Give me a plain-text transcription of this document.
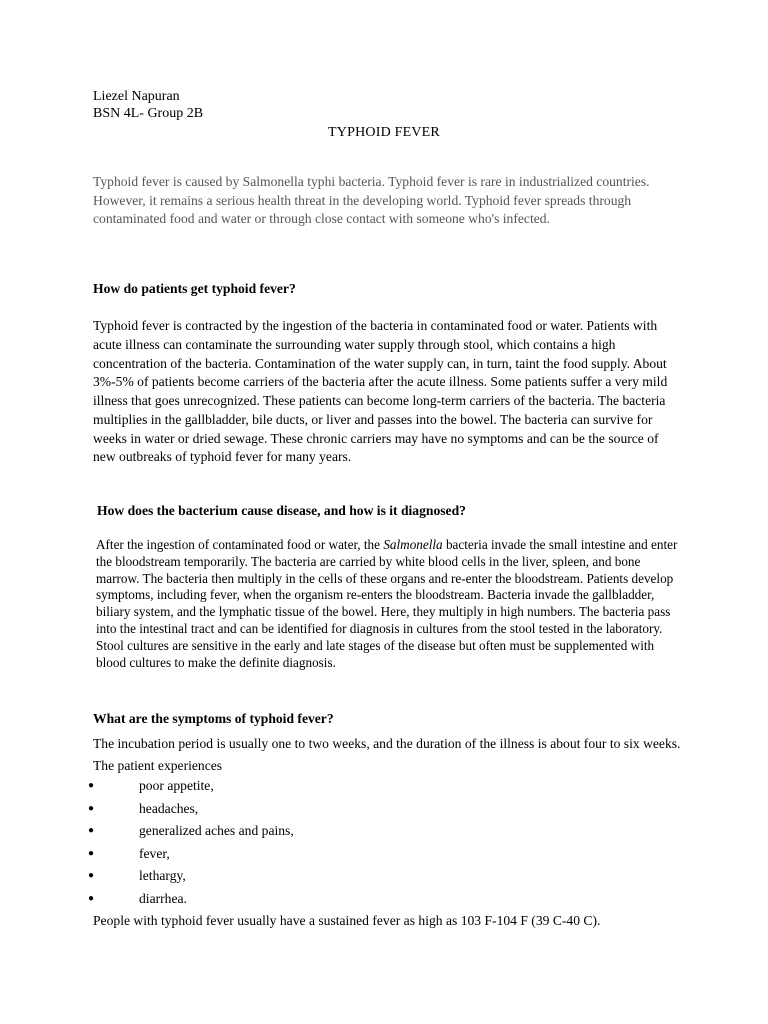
Liezel Napuran

BSN 4L- Group 2B

TYPHOID FEVER

Typhoid fever is caused by Salmonella typhi bacteria. Typhoid fever is rare in industrialized countries. However, it remains a serious health threat in the developing world. Typhoid fever spreads through contaminated food and water or through close contact with someone who's infected.

How do patients get typhoid fever?

Typhoid fever is contracted by the ingestion of the bacteria in contaminated food or water. Patients with acute illness can contaminate the surrounding water supply through stool, which contains a high concentration of the bacteria. Contamination of the water supply can, in turn, taint the food supply. About 3%-5% of patients become carriers of the bacteria after the acute illness. Some patients suffer a very mild illness that goes unrecognized. These patients can become long-term carriers of the bacteria. The bacteria multiplies in the gallbladder, bile ducts, or liver and passes into the bowel. The bacteria can survive for weeks in water or dried sewage. These chronic carriers may have no symptoms and can be the source of new outbreaks of typhoid fever for many years.

How does the bacterium cause disease, and how is it diagnosed?

After the ingestion of contaminated food or water, the Salmonella bacteria invade the small intestine and enter the bloodstream temporarily. The bacteria are carried by white blood cells in the liver, spleen, and bone marrow. The bacteria then multiply in the cells of these organs and re-enter the bloodstream. Patients develop symptoms, including fever, when the organism re-enters the bloodstream. Bacteria invade the gallbladder, biliary system, and the lymphatic tissue of the bowel. Here, they multiply in high numbers. The bacteria pass into the intestinal tract and can be identified for diagnosis in cultures from the stool tested in the laboratory. Stool cultures are sensitive in the early and late stages of the disease but often must be supplemented with blood cultures to make the definite diagnosis.

What are the symptoms of typhoid fever?

The incubation period is usually one to two weeks, and the duration of the illness is about four to six weeks. The patient experiences

●	poor appetite,
●	headaches,
●	generalized aches and pains,
●	fever,
●	lethargy,
●	diarrhea.

People with typhoid fever usually have a sustained fever as high as 103 F-104 F (39 C-40 C).
